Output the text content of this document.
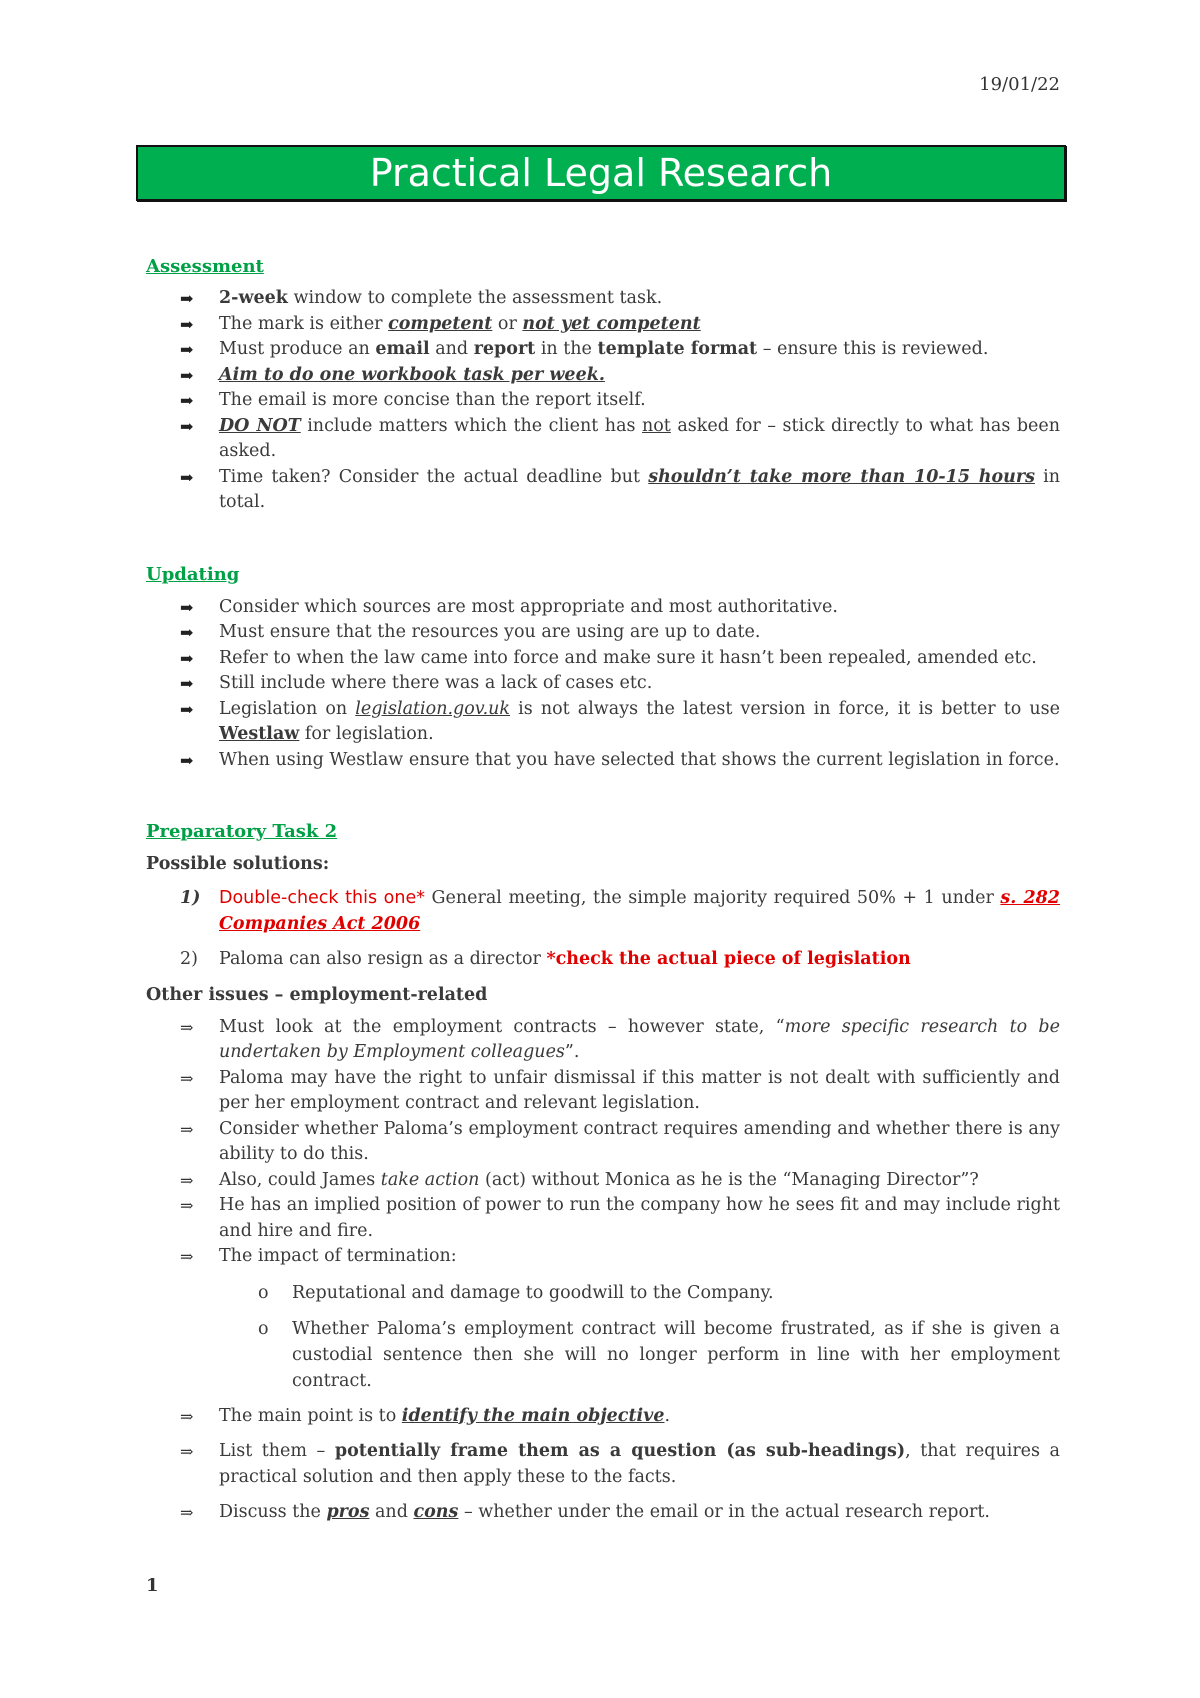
19/01/22
Practical Legal Research

Assessment

➡	2-week window to complete the assessment task.
➡	The mark is either competent or not yet competent
➡	Must produce an email and report in the template format – ensure this is reviewed.
➡	Aim to do one workbook task per week.
➡	The email is more concise than the report itself.
➡	DO NOT include matters which the client has not asked for – stick directly to what has been asked.
➡	Time taken? Consider the actual deadline but shouldn’t take more than 10-15 hours in total.

Updating

➡	Consider which sources are most appropriate and most authoritative.
➡	Must ensure that the resources you are using are up to date.
➡	Refer to when the law came into force and make sure it hasn’t been repealed, amended etc.
➡	Still include where there was a lack of cases etc.
➡	Legislation on legislation.gov.uk is not always the latest version in force, it is better to use Westlaw for legislation.
➡	When using Westlaw ensure that you have selected that shows the current legislation in force.

Preparatory Task 2

Possible solutions:

1)	Double-check this one* General meeting, the simple majority required 50% + 1 under s. 282 Companies Act 2006
2)	Paloma can also resign as a director *check the actual piece of legislation

Other issues – employment-related

⇒	Must look at the employment contracts – however state, “more specific research to be undertaken by Employment colleagues”.
⇒	Paloma may have the right to unfair dismissal if this matter is not dealt with sufficiently and per her employment contract and relevant legislation.
⇒	Consider whether Paloma’s employment contract requires amending and whether there is any ability to do this.
⇒	Also, could James take action (act) without Monica as he is the “Managing Director”?
⇒	He has an implied position of power to run the company how he sees fit and may include right and hire and fire.
⇒	The impact of termination:
o Reputational and damage to goodwill to the Company.
o Whether Paloma’s employment contract will become frustrated, as if she is given a custodial sentence then she will no longer perform in line with her employment contract.
⇒	The main point is to identify the main objective.
⇒	List them – potentially frame them as a question (as sub-headings), that requires a practical solution and then apply these to the facts.
⇒	Discuss the pros and cons – whether under the email or in the actual research report.
1
